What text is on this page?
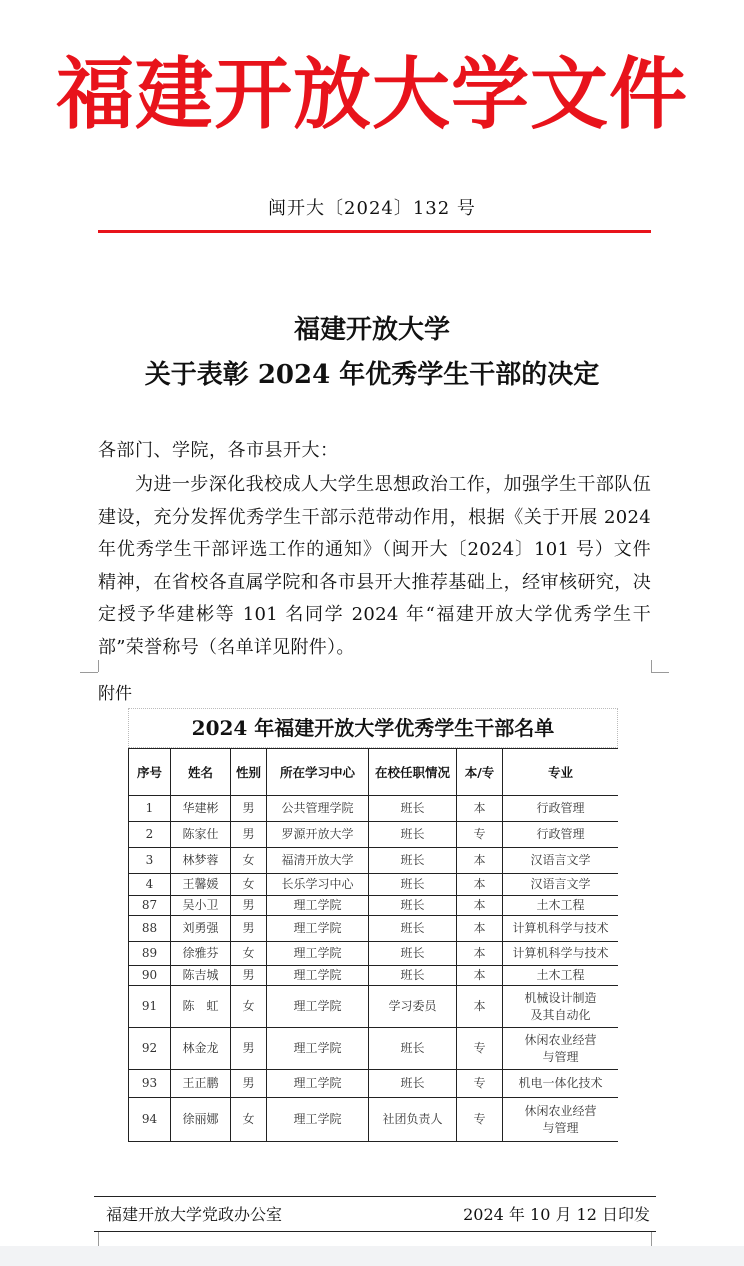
福建开放大学文件
闽开大〔2024〕132 号
福建开放大学
关于表彰 2024 年优秀学生干部的决定
各部门、学院，各市县开大：
为进一步深化我校成人大学生思想政治工作，加强学生干部队伍建设，充分发挥优秀学生干部示范带动作用，根据《关于开展 2024 年优秀学生干部评选工作的通知》（闽开大〔2024〕101 号）文件精神，在省校各直属学院和各市县开大推荐基础上，经审核研究，决定授予华建彬等 101 名同学 2024 年“福建开放大学优秀学生干部”荣誉称号（名单详见附件）。
附件
2024 年福建开放大学优秀学生干部名单
序号	姓名	性别	所在学习中心	在校任职情况	本/专	专业
1	华建彬	男	公共管理学院	班长	本	行政管理
2	陈家仕	男	罗源开放大学	班长	专	行政管理
3	林梦蓉	女	福清开放大学	班长	本	汉语言文学
4	王馨媛	女	长乐学习中心	班长	本	汉语言文学
87	吴小卫	男	理工学院	班长	本	土木工程
88	刘勇强	男	理工学院	班长	本	计算机科学与技术
89	徐雅芬	女	理工学院	班长	本	计算机科学与技术
90	陈吉城	男	理工学院	班长	本	土木工程
91	陈　虹	女	理工学院	学习委员	本	机械设计制造
及其自动化
92	林金龙	男	理工学院	班长	专	休闲农业经营
与管理
93	王正鹏	男	理工学院	班长	专	机电一体化技术
94	徐丽娜	女	理工学院	社团负责人	专	休闲农业经营
与管理
福建开放大学党政办公室	2024 年 10 月 12 日印发
